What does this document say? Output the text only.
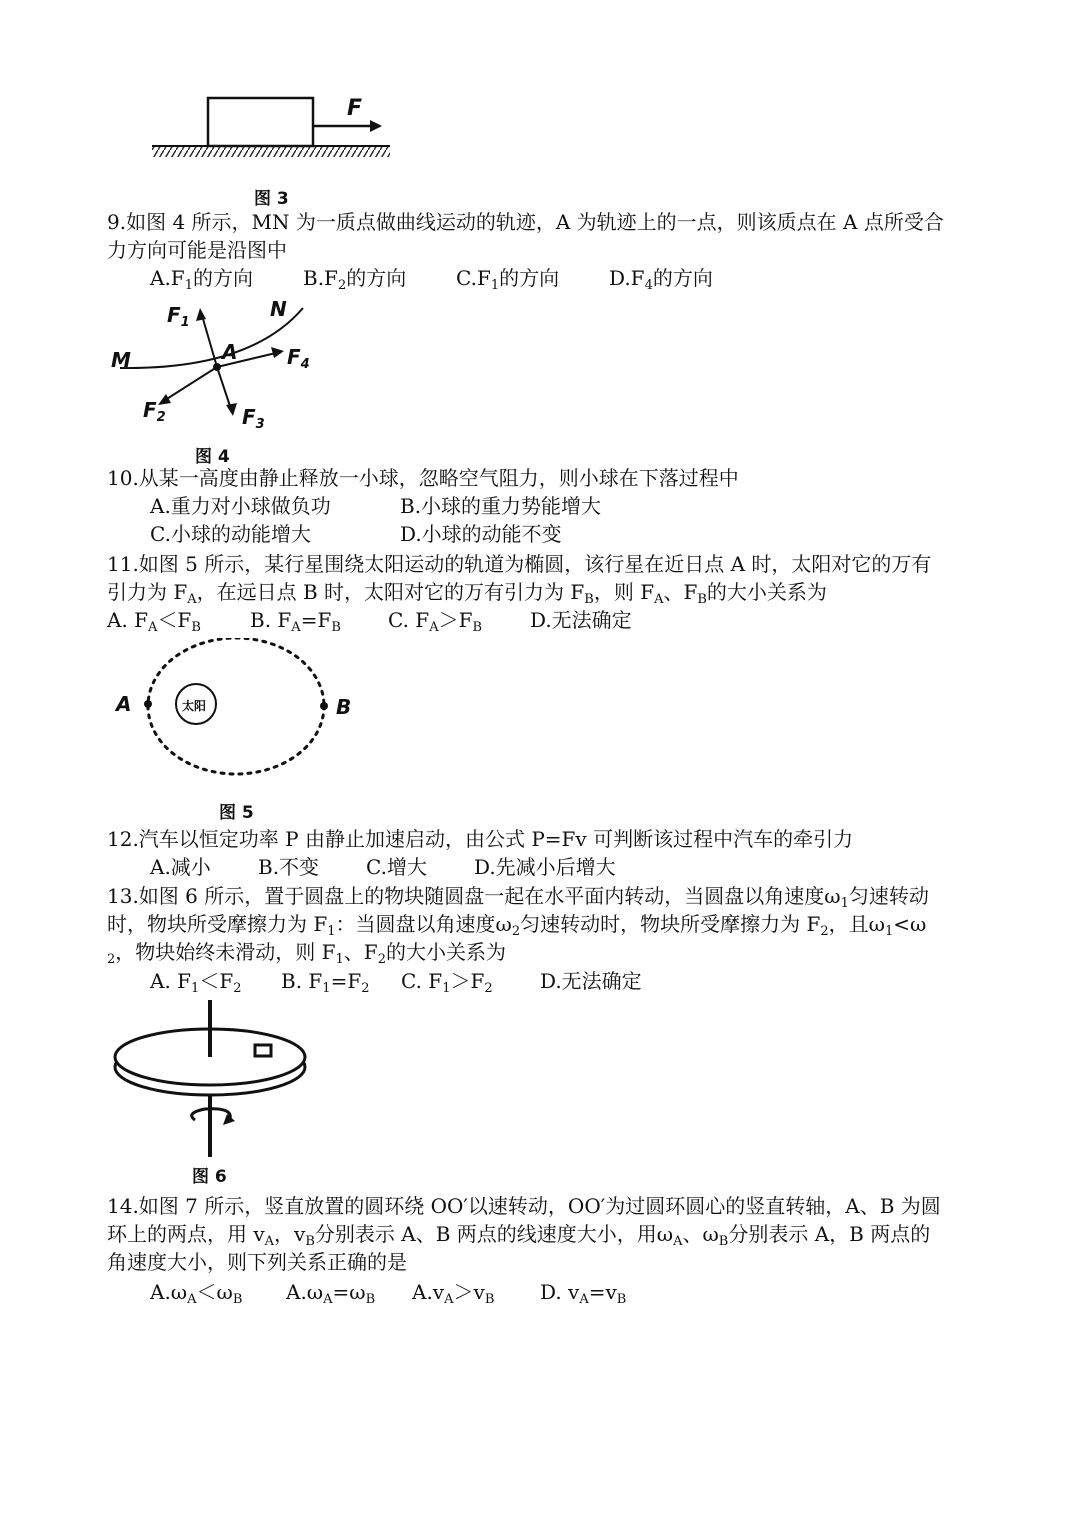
F
图 3
9.如图 4 所示，MN 为一质点做曲线运动的轨迹，A 为轨迹上的一点，则该质点在 A 点所受合
力方向可能是沿图中
$A.F_1$的方向	$B.F_2$的方向 $C.F_1$的方向 $D.F_4$的方向
M
N
A
$F_1$
$F_2$	$F_3$
$F_4$
图 4
10.从某一高度由静止释放一小球，忽略空气阻力，则小球在下落过程中
A.重力对小球做负功	B.小球的重力势能增大
C.小球的动能增大	D.小球的动能不变
11.如图 5 所示，某行星围绕太阳运动的轨道为椭圆，该行星在近日点 A 时，太阳对它的万有
引力为 $F_A$，在远日点 B 时，太阳对它的万有引力为 $F_B$，则 $F_A$、$F_B$的大小关系为
A. $F_A<F_B$ B. $F_A=F_B$ C. $F_A>F_B$ D.无法确定
太阳
A	B
图 5
12.汽车以恒定功率 P 由静止加速启动，由公式 P=Fv 可判断该过程中汽车的牵引力
A.减小 B.不变 C.增大 D.先减小后增大
13.如图 6 所示，置于圆盘上的物块随圆盘一起在水平面内转动，当圆盘以角速度$\omega_1$匀速转动
时，物块所受摩擦力为 $F_1$：当圆盘以角速度$\omega_2$匀速转动时，物块所受摩擦力为 $F_2$，且$\omega_1<\omega$
$_2$，物块始终未滑动，则 $F_1$、$F_2$的大小关系为
A. $F_1<F_2$ B. $F_1=F_2$ C. $F_1>F_2$ D.无法确定
图 6
14.如图 7 所示，竖直放置的圆环绕 OO′以速转动，OO′为过圆环圆心的竖直转轴，A、B 为圆
环上的两点，用 $v_A$，$v_B$分别表示 A、B 两点的线速度大小，用$\omega_A$、$\omega_B$分别表示 A，B 两点的
角速度大小，则下列关系正确的是
$A.\omega_A<\omega_B$ $A.\omega_A=\omega_B$ $A.v_A>v_B$ D. $v_A=v_B$
